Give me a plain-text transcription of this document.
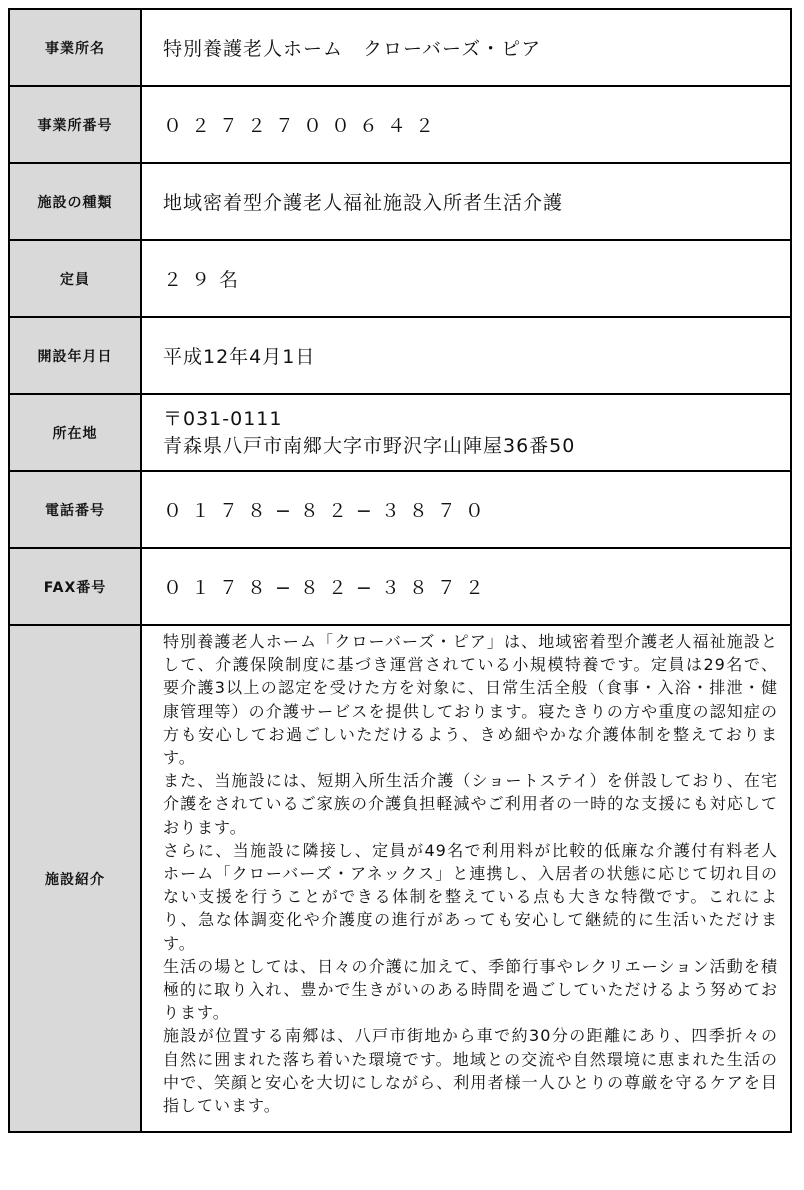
事業所名	特別養護老人ホーム　クローバーズ・ピア
事業所番号	０２７２７００６４２
施設の種類	地域密着型介護老人福祉施設入所者生活介護
定員	２９名
開設年月日	平成12年4月1日
所在地	〒031-0111
青森県八戸市南郷大字市野沢字山陣屋36番50

電話番号	０１７８−８２−３８７０
FAX番号	０１７８−８２−３８７２
施設紹介	特別養護老人ホーム「クローバーズ・ピア」は、地域密着型介護老人福祉施設として、介護保険制度に基づき運営されている小規模特養です。定員は29名で、要介護3以上の認定を受けた方を対象に、日常生活全般（食事・入浴・排泄・健康管理等）の介護サービスを提供しております。寝たきりの方や重度の認知症の方も安心してお過ごしいただけるよう、きめ細やかな介護体制を整えております。
また、当施設には、短期入所生活介護（ショートステイ）を併設しており、在宅介護をされているご家族の介護負担軽減やご利用者の一時的な支援にも対応しております。
さらに、当施設に隣接し、定員が49名で利用料が比較的低廉な介護付有料老人ホーム「クローバーズ・アネックス」と連携し、入居者の状態に応じて切れ目のない支援を行うことができる体制を整えている点も大きな特徴です。これにより、急な体調変化や介護度の進行があっても安心して継続的に生活いただけます。
生活の場としては、日々の介護に加えて、季節行事やレクリエーション活動を積極的に取り入れ、豊かで生きがいのある時間を過ごしていただけるよう努めております。
施設が位置する南郷は、八戸市街地から車で約30分の距離にあり、四季折々の自然に囲まれた落ち着いた環境です。地域との交流や自然環境に恵まれた生活の中で、笑顔と安心を大切にしながら、利用者様一人ひとりの尊厳を守るケアを目指しています。
